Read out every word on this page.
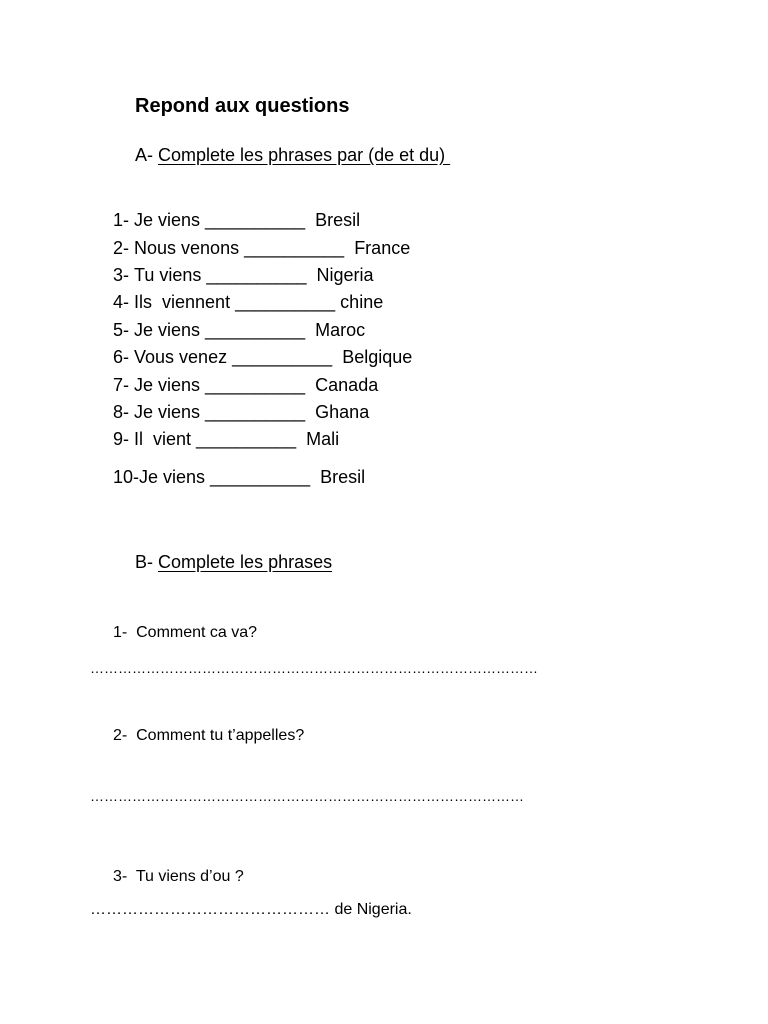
Repond aux questions
A- Complete les phrases par (de et du)
1- Je viens __________  Bresil
2- Nous venons __________  France
3- Tu viens __________  Nigeria
4- Ils  viennent __________ chine
5- Je viens __________  Maroc
6- Vous venez __________  Belgique
7- Je viens __________  Canada
8- Je viens __________  Ghana
9- Il  vient __________  Mali
10-Je viens __________  Bresil
B- Complete les phrases
1-  Comment ca va?
……………………………………………………………………………………
2-  Comment tu t’appelles?
…………………………………………………………………………………
3-  Tu viens d’ou ?
……………………………………… de Nigeria.
